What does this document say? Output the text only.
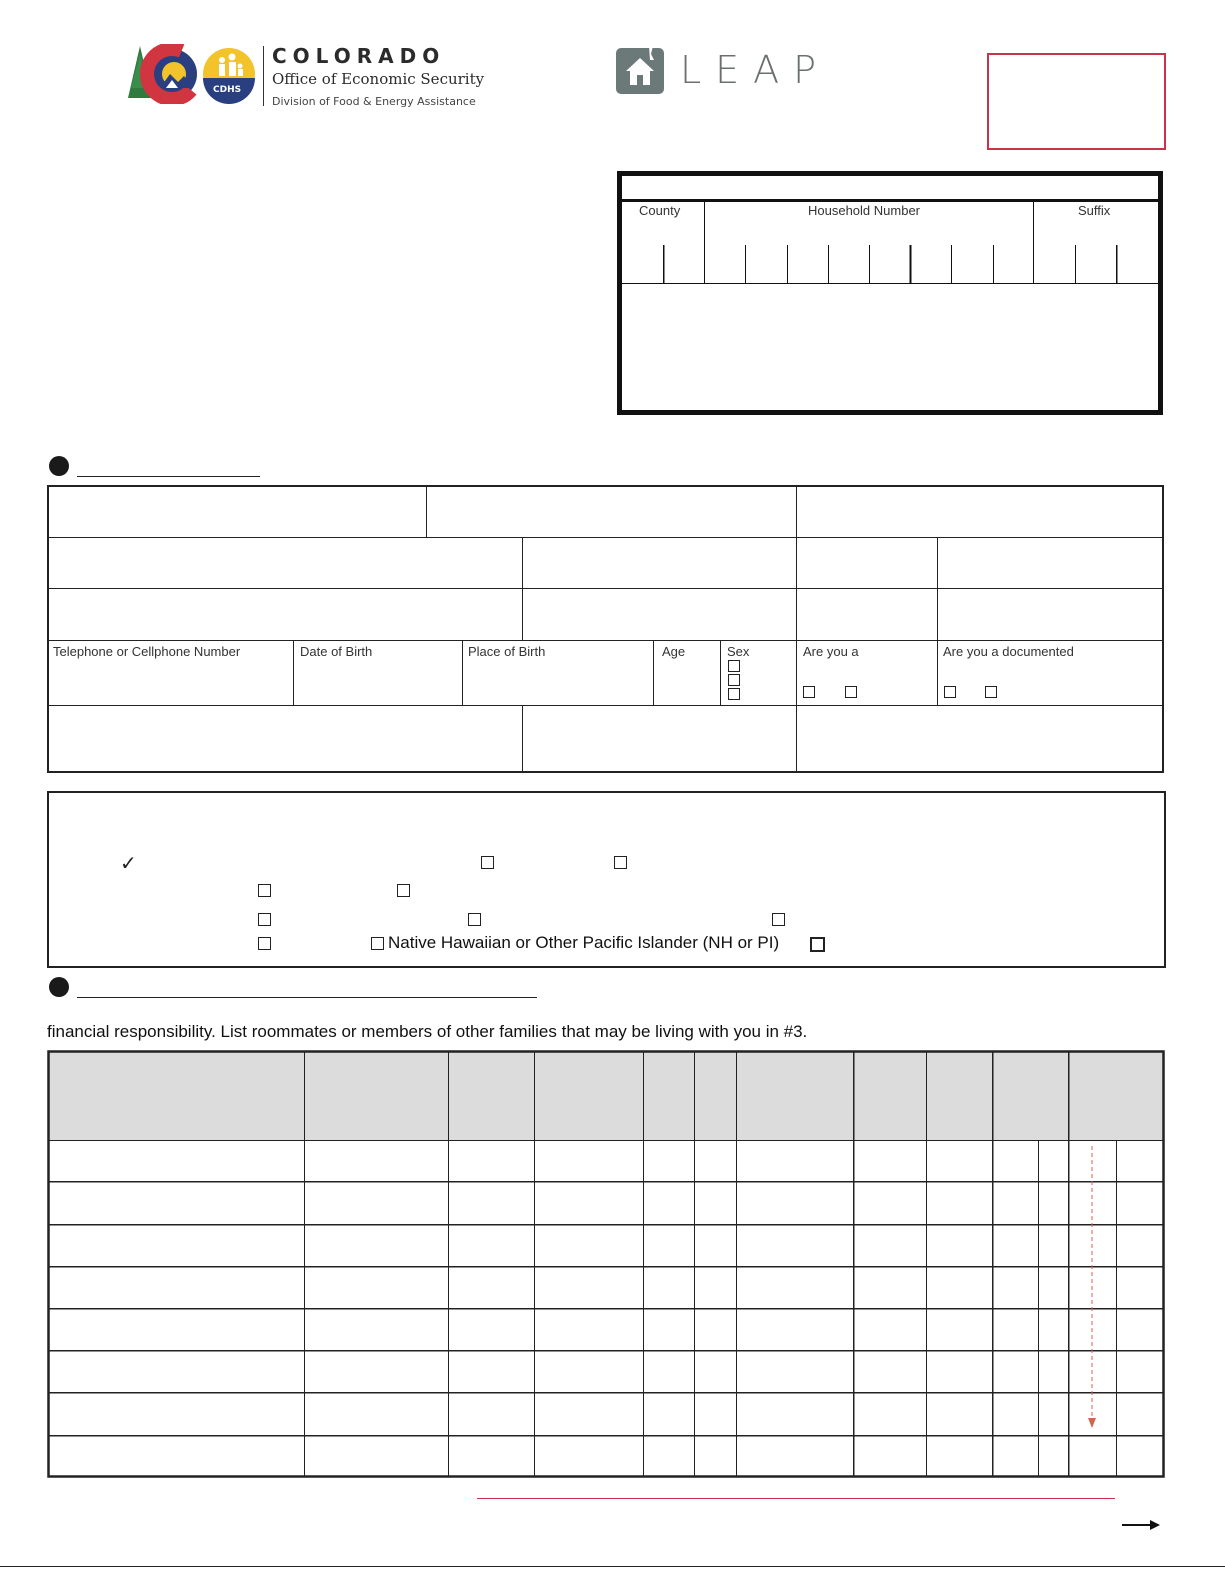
CDHS
COLORADO
Office of Economic Security
Division of Food & Energy Assistance
LEAP
County	Household Number	Suffix
Telephone or Cellphone Number	Date of Birth	Place of Birth	Age	Sex	Are you a	Are you a documented
✓
Native Hawaiian or Other Pacific Islander (NH or PI)
financial responsibility. List roommates or members of other families that may be living with you in #3.
